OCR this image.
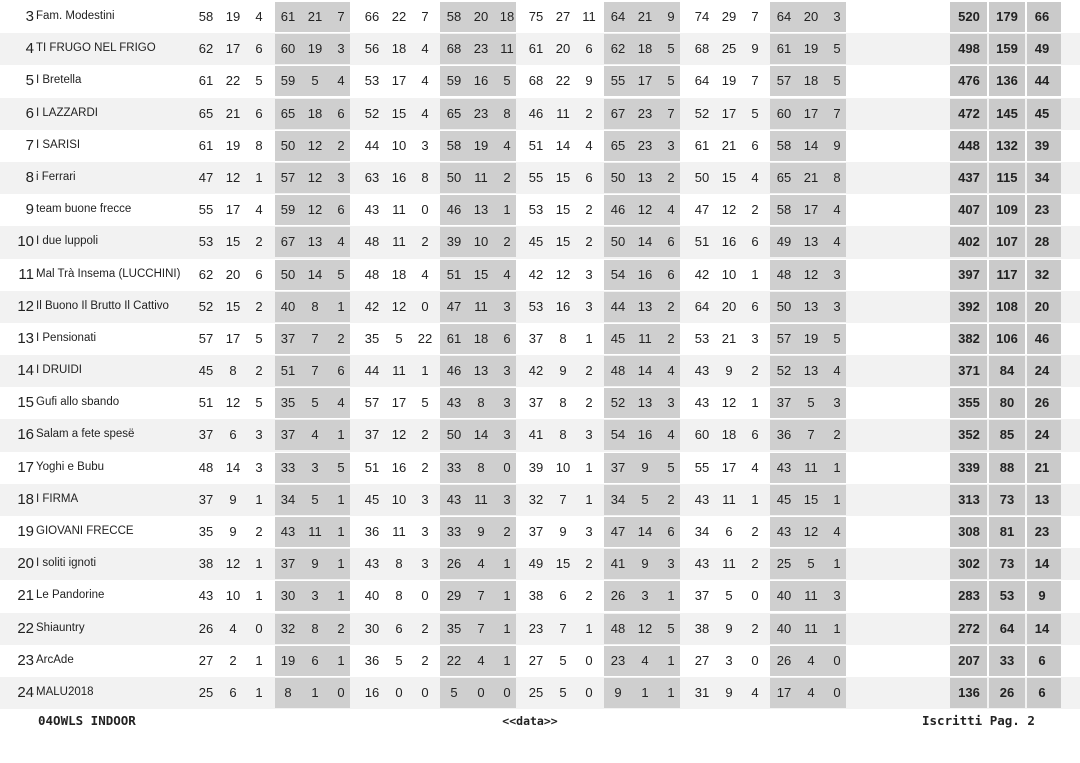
3 Fam. Modestini	58 19	4	61 21	7	66 22	7	58 20 18	75 27 11	64 21	9	74 29	7	64 20	3	520	179	66
4 TI FRUGO NEL FRIGO	62 17	6	60 19	3	56 18	4	68 23 11	61 20	6	62 18	5	68 25	9	61 19	5	498	159	49
5 I Bretella	61 22	5	59	5	4	53 17	4	59 16	5	68 22	9	55 17	5	64 19	7	57 18	5	476	136	44
6 I LAZZARDI	65 21	6	65 18	6	52 15	4	65 23	8	46	11	2	67 23	7	52 17	5	60 17	7	472	145	45
7 I SARISI	61 19	8	50 12	2	44 10	3	58 19	4	51 14	4	65 23	3	61 21	6	58 14	9	448	132	39
8 i Ferrari	47 12	1	57 12	3	63 16	8	50	11	2	55 15	6	50 13	2	50 15	4	65 21	8	437	115	34
9 team buone frecce	55 17	4	59 12	6	43	11	0	46 13	1	53 15	2	46 12	4	47 12	2	58 17	4	407	109	23
10 I due luppoli	53 15	2	67 13	4	48	11	2	39 10	2	45 15	2	50 14	6	51 16	6	49 13	4	402	107	28
11 Mal Trà Insema (LUCCHINI)	62 20	6	50 14	5	48 18	4	51 15	4	42 12	3	54 16	6	42 10	1	48 12	3	397	117	32
12 Il Buono Il Brutto Il Cattivo	52 15	2	40	8	1	42 12	0	47	11	3	53 16	3	44 13	2	64 20	6	50 13	3	392	108	20
13 I Pensionati	57 17	5	37	7	2	35	5	22	61 18	6	37	8	1	45	11	2	53 21	3	57 19	5	382	106	46
14 I DRUIDI	45	8	2	51	7	6	44	11	1	46 13	3	42	9	2	48 14	4	43	9	2	52 13	4	371	84	24
15 Gufi allo sbando	51 12	5	35	5	4	57 17	5	43	8	3	37	8	2	52 13	3	43 12	1	37	5	3	355	80	26
16 Salam a fete spesë	37	6	3	37	4	1	37 12	2	50 14	3	41	8	3	54 16	4	60 18	6	36	7	2	352	85	24
17 Yoghi e Bubu	48 14	3	33	3	5	51 16	2	33	8	0	39 10	1	37	9	5	55 17	4	43	11	1	339	88	21
18 I FIRMA	37	9	1	34	5	1	45 10	3	43	11	3	32	7	1	34	5	2	43	11	1	45 15	1	313	73	13
19 GIOVANI FRECCE	35	9	2	43	11	1	36	11	3	33	9	2	37	9	3	47 14	6	34	6	2	43 12	4	308	81	23
20 I soliti ignoti	38 12	1	37	9	1	43	8	3	26	4	1	49 15	2	41	9	3	43	11	2	25	5	1	302	73	14
21 Le Pandorine	43 10	1	30	3	1	40	8	0	29	7	1	38	6	2	26	3	1	37	5	0	40	11	3	283	53	9
22 Shiauntry	26	4	0	32	8	2	30	6	2	35	7	1	23	7	1	48 12	5	38	9	2	40	11	1	272	64	14
23 ArcAde	27	2	1	19	6	1	36	5	2	22	4	1	27	5	0	23	4	1	27	3	0	26	4	0	207	33	6
24 MALU2018	25	6	1	8	1	0	16	0	0	5	0	0	25	5	0	9	1	1	31	9	4	17	4	0	136	26	6
04OWLS INDOOR	<<data>>	Iscritti Pag. 2
